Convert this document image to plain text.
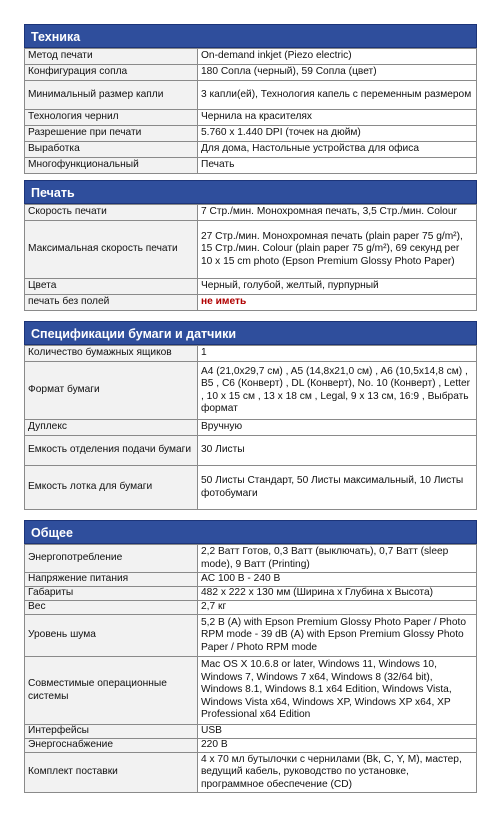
Техника
Метод печати	On-demand inkjet (Piezo electric)
Конфигурация сопла	180 Сопла (черный), 59 Сопла (цвет)
Минимальный размер капли	3 капли(ей), Технология капель с переменным размером
Технология чернил	Чернила на красителях
Разрешение при печати	5.760 x 1.440 DPI (точек на дюйм)
Выработка	Для дома, Настольные устройства для офиса
Многофункциональный	Печать
Печать
Скорость печати	7 Стр./мин. Монохромная печать, 3,5 Стр./мин. Colour
Максимальная скорость печати	27 Стр./мин. Монохромная печать (plain paper 75 g/m²), 15 Стр./мин. Colour (plain paper 75 g/m²), 69 секунд per 10 x 15 cm photo (Epson Premium Glossy Photo Paper)
Цвета	Черный, голубой, желтый, пурпурный
печать без полей	не иметь
Спецификации бумаги и датчики
Количество бумажных ящиков	1
Формат бумаги	A4 (21,0x29,7 см) , A5 (14,8x21,0 см) , A6 (10,5x14,8 см) , B5 , C6 (Конверт) , DL (Конверт), No. 10 (Конверт) , Letter , 10 x 15 см , 13 x 18 см , Legal, 9 x 13 см, 16:9 , Выбрать формат
Дуплекс	Вручную
Емкость отделения подачи бумаги	30 Листы
Емкость лотка для бумаги	50 Листы Стандарт, 50 Листы максимальный, 10 Листы фотобумаги
Общее
Энергопотребление	2,2 Ватт Готов, 0,3 Ватт (выключать), 0,7 Ватт (sleep mode), 9 Ватт (Printing)
Напряжение питания	AC 100 В - 240 В
Габариты	482 x 222 x 130 мм (Ширина x Глубина x Высота)
Вес	2,7 кг
Уровень шума	5,2 B (A) with Epson Premium Glossy Photo Paper / Photo RPM mode - 39 dB (A) with Epson Premium Glossy Photo Paper / Photo RPM mode
Совместимые операционные системы	Mac OS X 10.6.8 or later, Windows 11, Windows 10, Windows 7, Windows 7 x64, Windows 8 (32/64 bit), Windows 8.1, Windows 8.1 x64 Edition, Windows Vista, Windows Vista x64, Windows XP, Windows XP x64, XP Professional x64 Edition
Интерфейсы	USB
Энергоснабжение	220 В
Комплект поставки	4 x 70 мл бутылочки с чернилами (Bk, C, Y, M), мастер, ведущий кабель, руководство по установке, программное обеспечение (CD)
